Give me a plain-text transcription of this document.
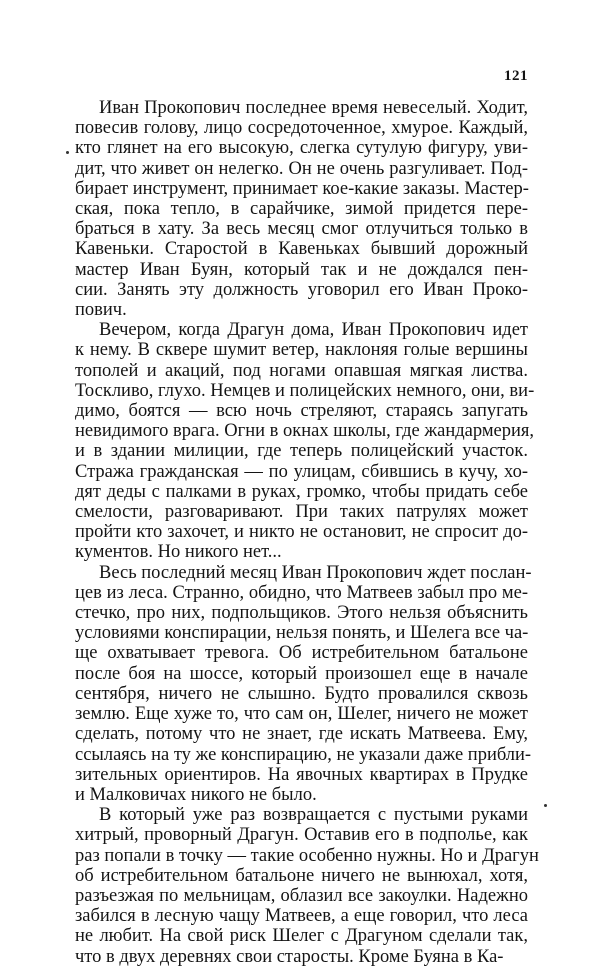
121

Иван Прокопович последнее время невеселый. Ходит,
повесив голову, лицо сосредоточенное, хмурое. Каждый,
кто глянет на его высокую, слегка сутулую фигуру, уви-
дит, что живет он нелегко. Он не очень разгуливает. Под-
бирает инструмент, принимает кое-какие заказы. Мастер-
ская, пока тепло, в сарайчике, зимой придется пере-
браться в хату. За весь месяц смог отлучиться только в
Кавеньки. Старостой в Кавеньках бывший дорожный
мастер Иван Буян, который так и не дождался пен-
сии. Занять эту должность уговорил его Иван Проко-
пович.

Вечером, когда Драгун дома, Иван Прокопович идет
к нему. В сквере шумит ветер, наклоняя голые вершины
тополей и акаций, под ногами опавшая мягкая листва.
Тоскливо, глухо. Немцев и полицейских немного, они, ви-
димо, боятся — всю ночь стреляют, стараясь запугать
невидимого врага. Огни в окнах школы, где жандармерия,
и в здании милиции, где теперь полицейский участок.
Стража гражданская — по улицам, сбившись в кучу, хо-
дят деды с палками в руках, громко, чтобы придать себе
смелости, разговаривают. При таких патрулях может
пройти кто захочет, и никто не остановит, не спросит до-
кументов. Но никого нет...

Весь последний месяц Иван Прокопович ждет послан-
цев из леса. Странно, обидно, что Матвеев забыл про ме-
стечко, про них, подпольщиков. Этого нельзя объяснить
условиями конспирации, нельзя понять, и Шелега все ча-
ще охватывает тревога. Об истребительном батальоне
после боя на шоссе, который произошел еще в начале
сентября, ничего не слышно. Будто провалился сквозь
землю. Еще хуже то, что сам он, Шелег, ничего не может
сделать, потому что не знает, где искать Матвеева. Ему,
ссылаясь на ту же конспирацию, не указали даже прибли-
зительных ориентиров. На явочных квартирах в Прудке
и Малковичах никого не было.

В который уже раз возвращается с пустыми руками
хитрый, проворный Драгун. Оставив его в подполье, как
раз попали в точку — такие особенно нужны. Но и Драгун
об истребительном батальоне ничего не вынюхал, хотя,
разъезжая по мельницам, облазил все закоулки. Надежно
забился в лесную чащу Матвеев, а еще говорил, что леса
не любит. На свой риск Шелег с Драгуном сделали так,
что в двух деревнях свои старосты. Кроме Буяна в Ка-
